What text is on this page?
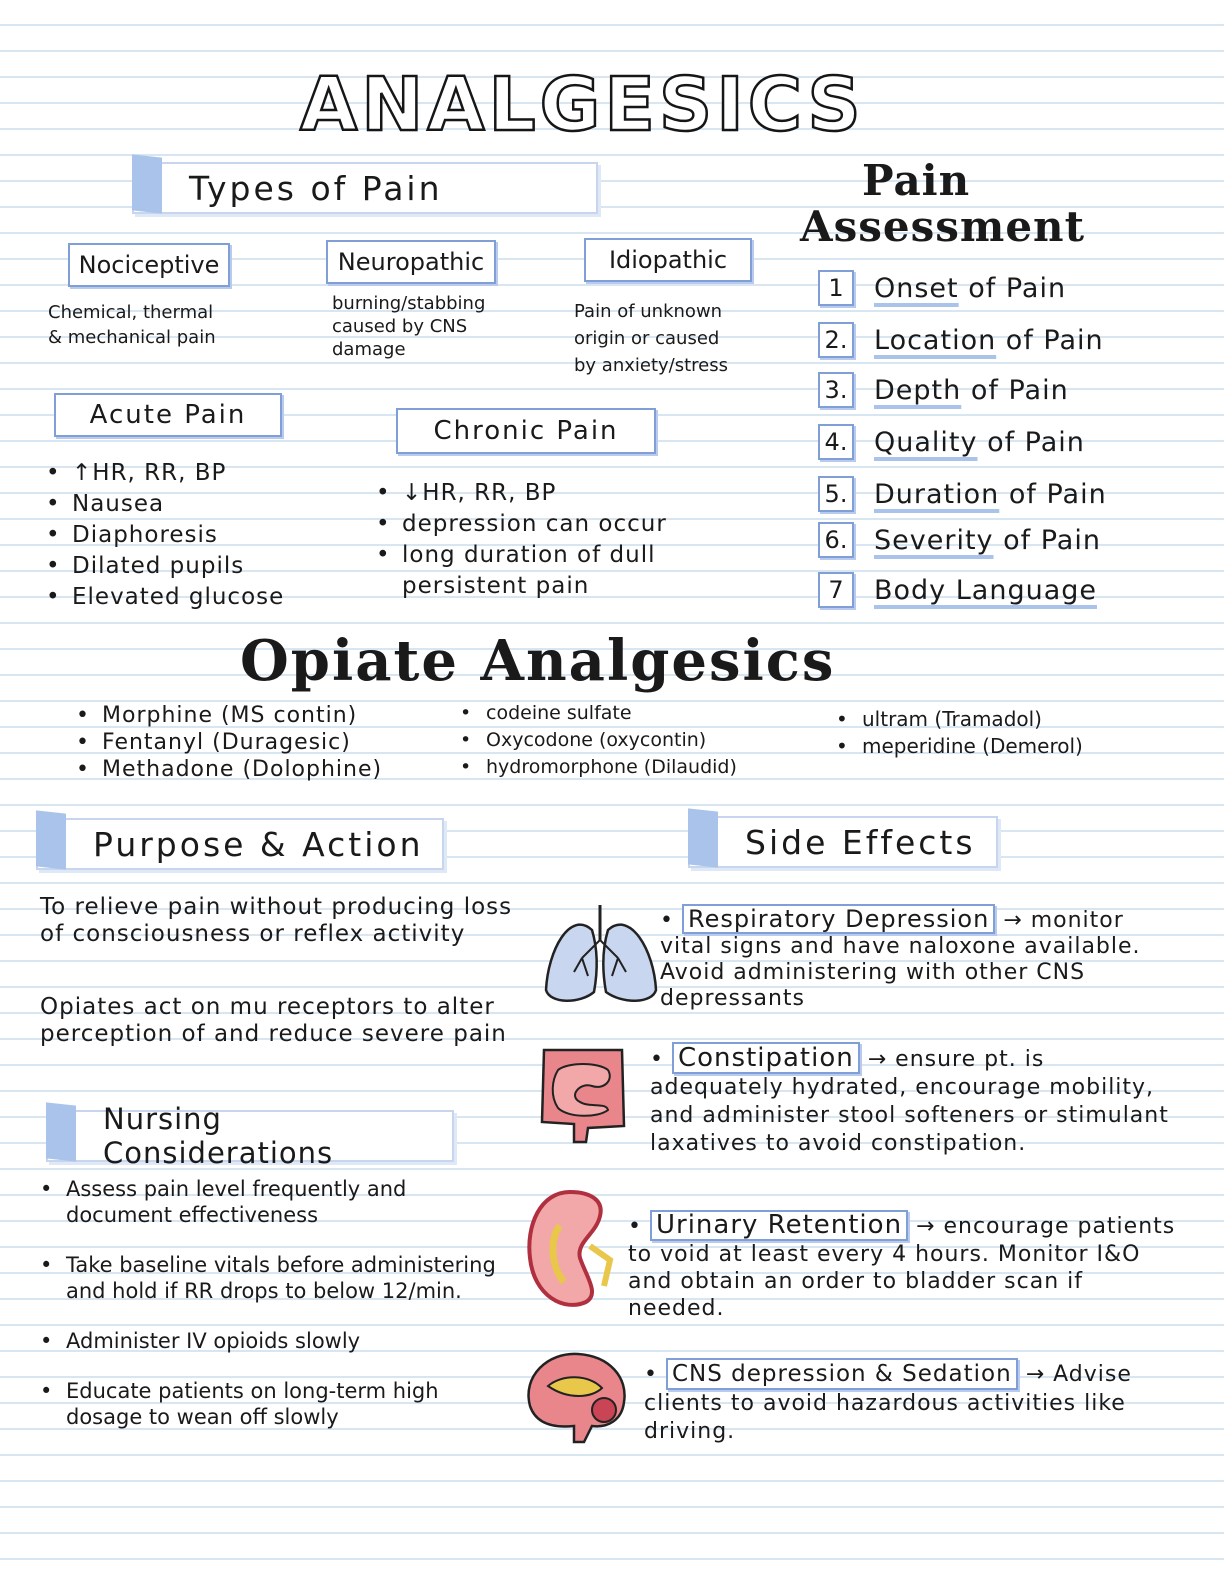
ANALGESICS
Types of Pain
Nociceptive
Chemical, thermal
& mechanical pain
Neuropathic
burning/stabbing
caused by CNS
damage
Idiopathic
Pain of unknown
origin or caused
by anxiety/stress
Acute Pain
• ↑HR, RR, BP
• Nausea
• Diaphoresis
• Dilated pupils
• Elevated glucose
Chronic Pain
• ↓HR, RR, BP
• depression can occur
• long duration of dull persistent pain
Pain
Assessment
1	Onset of Pain
2. Location of Pain
3. Depth of Pain
4. Quality of Pain
5. Duration of Pain
6. Severity of Pain
7	Body Language
Opiate Analgesics
• Morphine (MS contin)
• Fentanyl (Duragesic)
• Methadone (Dolophine)
• codeine sulfate
• Oxycodone (oxycontin)
• hydromorphone (Dilaudid)
• ultram (Tramadol)
• meperidine (Demerol)
Purpose & Action
To relieve pain without producing loss of consciousness or reflex activity
Opiates act on mu receptors to alter perception of and reduce severe pain
Nursing Considerations
• Assess pain level frequently and document effectiveness
• Take baseline vitals before administering and hold if RR drops to below 12/min.
• Administer IV opioids slowly
• Educate patients on long-term high dosage to wean off slowly
Side Effects
• Respiratory Depression → monitor vital signs and have naloxone available. Avoid administering with other CNS depressants
• Constipation → ensure pt. is adequately hydrated, encourage mobility, and administer stool softeners or stimulant laxatives to avoid constipation.
• Urinary Retention → encourage patients to void at least every 4 hours. Monitor I&O and obtain an order to bladder scan if needed.
• CNS depression & Sedation → Advise clients to avoid hazardous activities like driving.
